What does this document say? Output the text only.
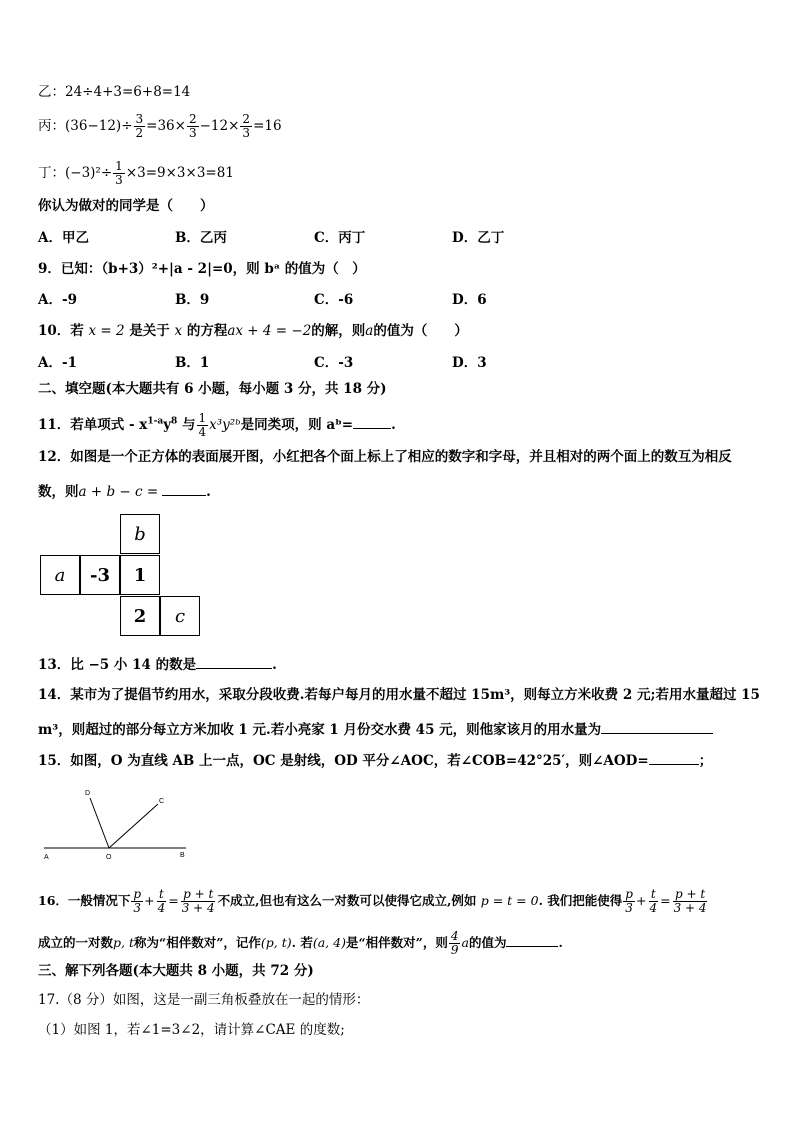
乙：24÷4+3=6+8=14
丙：$(36-12)\div \frac{3}{2} =36\times \frac{2}{3} -12\times \frac{2}{3} =16$
丁：$(-3)^2\div \frac{1}{3} \times 3=9\times 3\times 3=81$
你认为做对的同学是（　　）
A．甲乙	B．乙丙	C．丙丁	D．乙丁
9．已知：（b+3）²+|a - 2|=0，则 bᵃ 的值为（　）
A．-9	B．9	C．-6	D．6
10．若 x = 2 是关于 x 的方程ax + 4 = −2的解，则a的值为（　　）
A．-1	B．1	C．-3	D．3
二、填空题(本大题共有 6 小题，每小题 3 分，共 18 分)
11．若单项式 - $x^{1-a}y^8$ 与 $\frac{1}{4}$ x³y²ᵇ是同类项，则 aᵇ=	.
12．如图是一个正方体的表面展开图，小红把各个面上标上了相应的数字和字母，并且相对的两个面上的数互为相反
数，则a + b − c =	.
b
a	-3	1
2	c
13．比 −5 小 14 的数是	.
14．某市为了提倡节约用水，采取分段收费.若每户每月的用水量不超过 15m³，则每立方米收费 2 元;若用水量超过 15
m³，则超过的部分每立方米加收 1 元.若小亮家 1 月份交水费 45 元，则他家该月的用水量为
15．如图，O 为直线 AB 上一点，OC 是射线，OD 平分∠AOC，若∠COB=42°25′，则∠AOD=	；
A	O	B
C
D
16．一般情况下 $\frac{p}{3} + \frac{t}{4} = \frac{p + t}{3 + 4}$ 不成立,但也有这么一对数可以使得它成立,例如 p = t = 0. 我们把能使得 $\frac{p}{3} + \frac{t}{4} = \frac{p + t}{3 + 4}$
成立的一对数p, t称为“相伴数对”，记作(p, t). 若(a, 4)是“相伴数对”，则 $\frac{4}{9}$ a的值为	.
三、解下列各题(本大题共 8 小题，共 72 分)
17.（8 分）如图，这是一副三角板叠放在一起的情形：
（1）如图 1，若∠1=3∠2，请计算∠CAE 的度数;
